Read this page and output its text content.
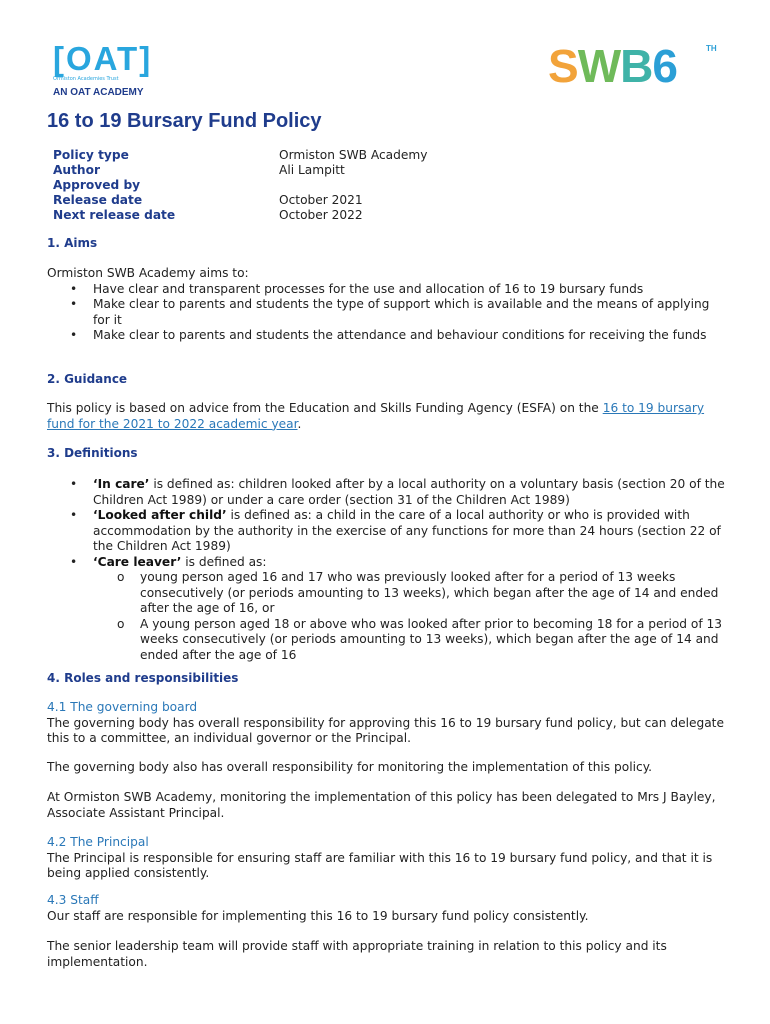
[OAT]
Ormiston Academies Trust
AN OAT ACADEMY
SWB6	TH
16 to 19 Bursary Fund Policy
Policy type	Ormiston SWB Academy
Author	Ali Lampitt
Approved by
Release date	October 2021
Next release date	October 2022
1. Aims

Ormiston SWB Academy aims to:

• Have clear and transparent processes for the use and allocation of 16 to 19 bursary funds
• Make clear to parents and students the type of support which is available and the means of applying for it
• Make clear to parents and students the attendance and behaviour conditions for receiving the funds
2. Guidance

This policy is based on advice from the Education and Skills Funding Agency (ESFA) on the 16 to 19 bursary fund for the 2021 to 2022 academic year.

3. Definitions
• ‘In care’ is defined as: children looked after by a local authority on a voluntary basis (section 20 of the Children Act 1989) or under a care order (section 31 of the Children Act 1989)
• ‘Looked after child’ is defined as: a child in the care of a local authority or who is provided with accommodation by the authority in the exercise of any functions for more than 24 hours (section 22 of the Children Act 1989)
• ‘Care leaver’ is defined as:
o young person aged 16 and 17 who was previously looked after for a period of 13 weeks consecutively (or periods amounting to 13 weeks), which began after the age of 14 and ended after the age of 16, or
o A young person aged 18 or above who was looked after prior to becoming 18 for a period of 13 weeks consecutively (or periods amounting to 13 weeks), which began after the age of 14 and ended after the age of 16
4. Roles and responsibilities
4.1 The governing board

The governing body has overall responsibility for approving this 16 to 19 bursary fund policy, but can delegate this to a committee, an individual governor or the Principal.

The governing body also has overall responsibility for monitoring the implementation of this policy.

At Ormiston SWB Academy, monitoring the implementation of this policy has been delegated to Mrs J Bayley, Associate Assistant Principal.

4.2 The Principal

The Principal is responsible for ensuring staff are familiar with this 16 to 19 bursary fund policy, and that it is being applied consistently.

4.3 Staff

Our staff are responsible for implementing this 16 to 19 bursary fund policy consistently.

The senior leadership team will provide staff with appropriate training in relation to this policy and its implementation.
